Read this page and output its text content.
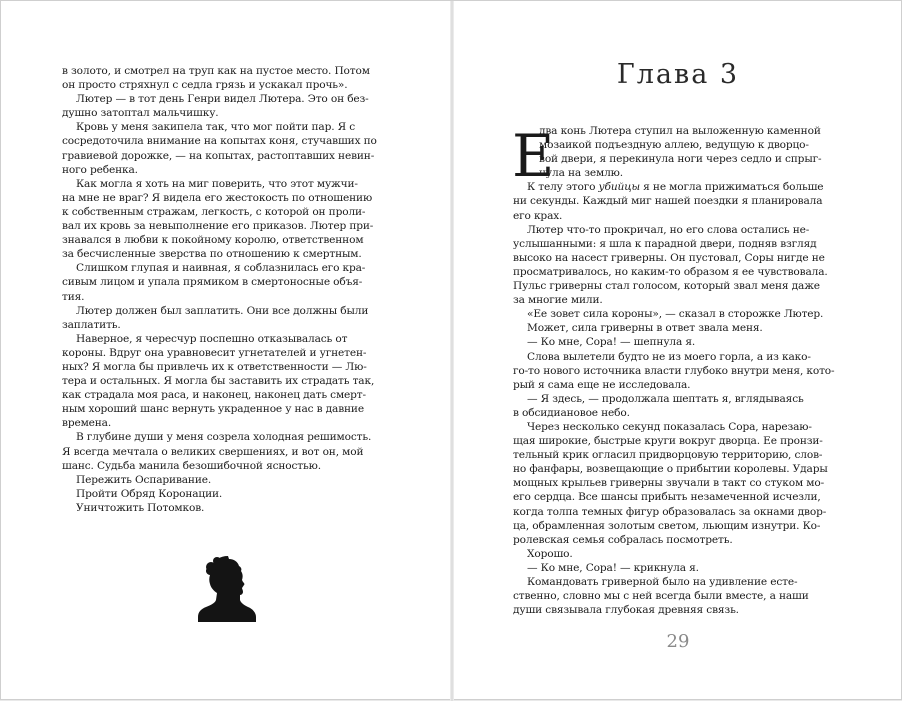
в золото, и смотрел на труп как на пустое место. Потом
он просто стряхнул с седла грязь и ускакал прочь».
Лютер — в тот день Генри видел Лютера. Это он без-
душно затоптал мальчишку.
Кровь у меня закипела так, что мог пойти пар. Я с
сосредоточила внимание на копытах коня, стучавших по
гравиевой дорожке, — на копытах, растоптавших невин-
ного ребенка.
Как могла я хоть на миг поверить, что этот мужчи-
на мне не враг? Я видела его жестокость по отношению
к собственным стражам, легкость, с которой он проли-
вал их кровь за невыполнение его приказов. Лютер при-
знавался в любви к покойному королю, ответственном
за бесчисленные зверства по отношению к смертным.
Слишком глупая и наивная, я соблазнилась его кра-
сивым лицом и упала прямиком в смертоносные объя-
тия.
Лютер должен был заплатить. Они все должны были
заплатить.
Наверное, я чересчур поспешно отказывалась от
короны. Вдруг она уравновесит угнетателей и угнетен-
ных? Я могла бы привлечь их к ответственности — Лю-
тера и остальных. Я могла бы заставить их страдать так,
как страдала моя раса, и наконец, наконец дать смерт-
ным хороший шанс вернуть украденное у нас в давние
времена.
В глубине души у меня созрела холодная решимость.
Я всегда мечтала о великих свершениях, и вот он, мой
шанс. Судьба манила безошибочной ясностью.
Пережить Оспаривание.
Пройти Обряд Коронации.
Уничтожить Потомков.
Глава 3
Е
два конь Лютера ступил на выложенную каменной
мозаикой подъездную аллею, ведущую к дворцо-
вой двери, я перекинула ноги через седло и спрыг-
нула на землю.
К телу этого убийцы я не могла прижиматься больше
ни секунды. Каждый миг нашей поездки я планировала
его крах.
Лютер что-то прокричал, но его слова остались не-
услышанными: я шла к парадной двери, подняв взгляд
высоко на насест гриверны. Он пустовал, Соры нигде не
просматривалось, но каким-то образом я ее чувствовала.
Пульс гриверны стал голосом, который звал меня даже
за многие мили.
«Ее зовет сила короны», — сказал в сторожке Лютер.
Может, сила гриверны в ответ звала меня.
— Ко мне, Сора! — шепнула я.
Слова вылетели будто не из моего горла, а из како-
го-то нового источника власти глубоко внутри меня, кото-
рый я сама еще не исследовала.
— Я здесь, — продолжала шептать я, вглядываясь
в обсидиановое небо.
Через несколько секунд показалась Сора, нарезаю-
щая широкие, быстрые круги вокруг дворца. Ее пронзи-
тельный крик огласил придворцовую территорию, слов-
но фанфары, возвещающие о прибытии королевы. Удары
мощных крыльев гриверны звучали в такт со стуком мо-
его сердца. Все шансы прибыть незамеченной исчезли,
когда толпа темных фигур образовалась за окнами двор-
ца, обрамленная золотым светом, льющим изнутри. Ко-
ролевская семья собралась посмотреть.
Хорошо.
— Ко мне, Сора! — крикнула я.
Командовать гриверной было на удивление есте-
ственно, словно мы с ней всегда были вместе, а наши
души связывала глубокая древняя связь.
29
